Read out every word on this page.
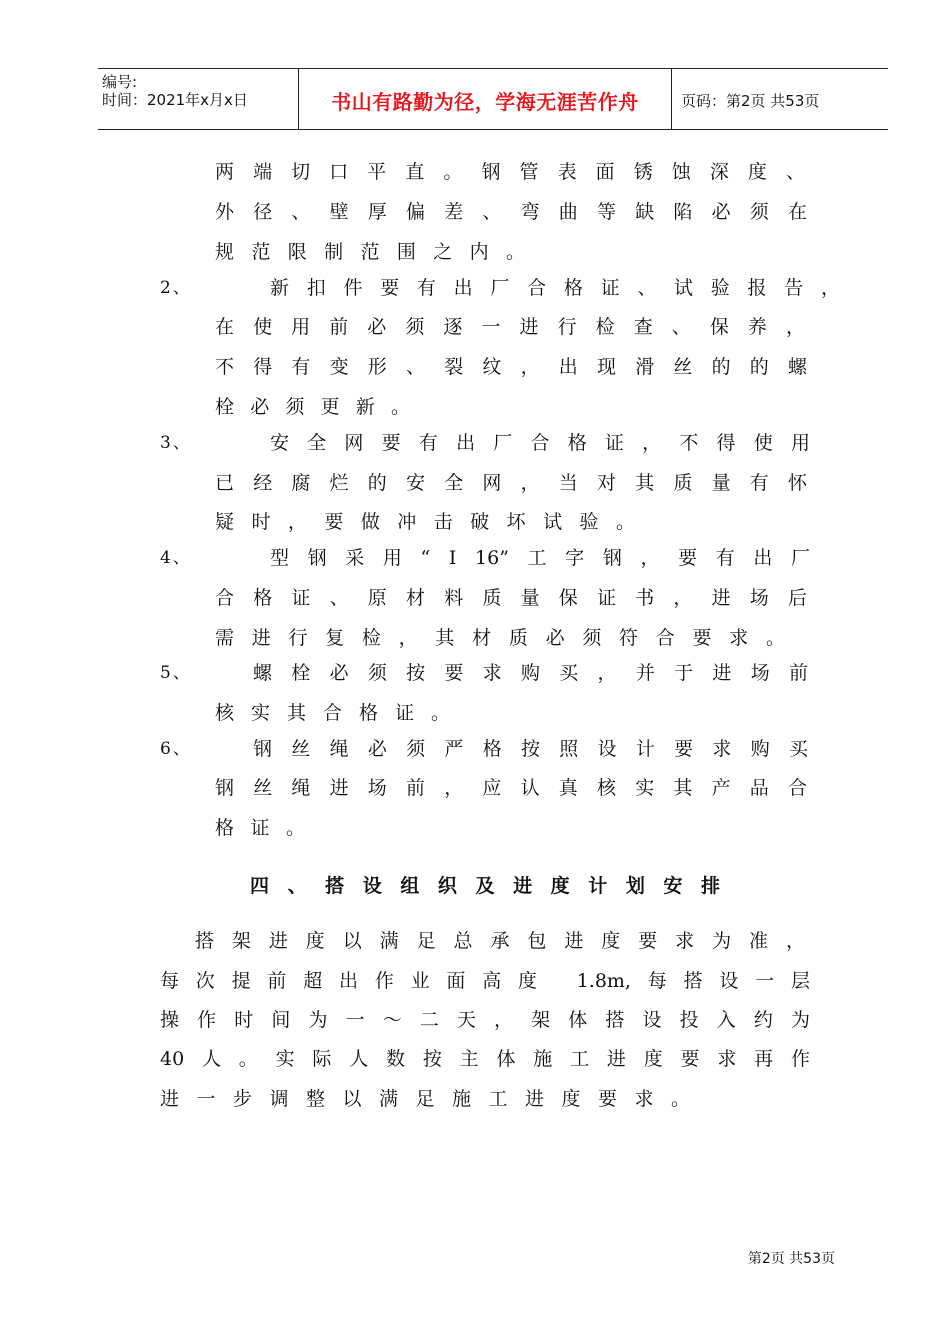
编号:
时间：2021年x月x日	书山有路勤为径，学海无涯苦作舟	页码：第2页 共53页
两端切口平直。钢管表面锈蚀深度、
外径、壁厚偏差、弯曲等缺陷必须在
规范限制范围之内。
2、	新扣件要有出厂合格证、试验报告，
在使用前必须逐一进行检查、保养，
不得有变形、裂纹，出现滑丝的的螺
栓必须更新。
3、	安全网要有出厂合格证，不得使用
已经腐烂的安全网，当对其质量有怀
疑时，要做冲击破坏试验。
4、	型钢采用“Ⅰ16”工字钢，要有出厂
合格证、原材料质量保证书，进场后
需进行复检，其材质必须符合要求。
5、	螺栓必须按要求购买，并于进场前
核实其合格证。
6、	钢丝绳必须严格按照设计要求购买
钢丝绳进场前，应认真核实其产品合
格证。
四、搭设组织及进度计划安排
搭架进度以满足总承包进度要求为准，
每次提前超出作业面高度 1.8m,每搭设一层
操作时间为一～二天，架体搭设投入约为
40人。实际人数按主体施工进度要求再作
进一步调整以满足施工进度要求。
第2页 共53页
